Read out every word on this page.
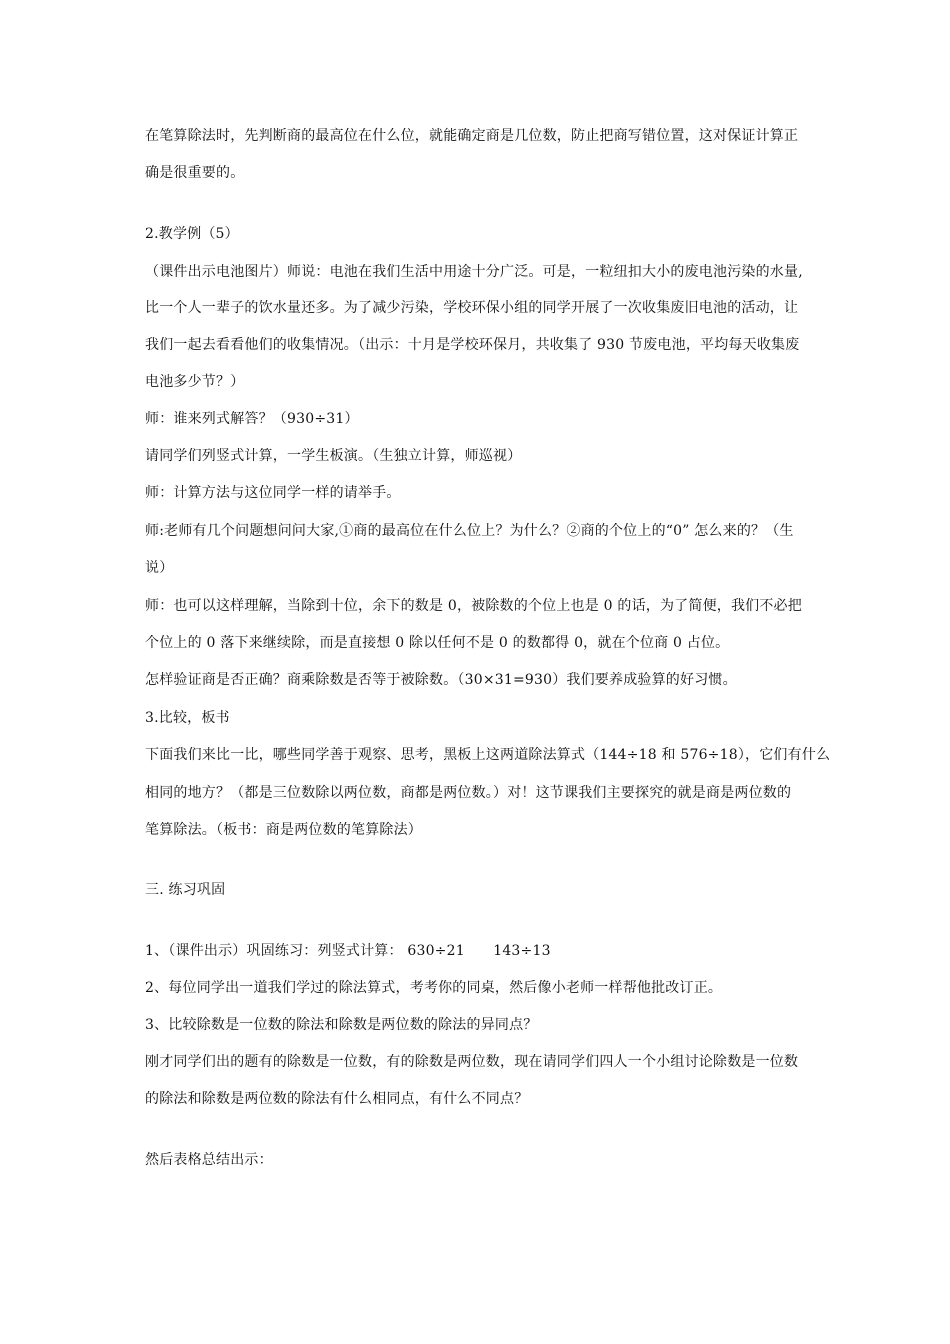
在笔算除法时，先判断商的最高位在什么位，就能确定商是几位数，防止把商写错位置，这对保证计算正
确是很重要的。
2.教学例（5）
（课件出示电池图片）师说：电池在我们生活中用途十分广泛。可是，一粒纽扣大小的废电池污染的水量,
比一个人一辈子的饮水量还多。为了减少污染，学校环保小组的同学开展了一次收集废旧电池的活动，让
我们一起去看看他们的收集情况。（出示：十月是学校环保月，共收集了 930 节废电池，平均每天收集废
电池多少节？）
师：谁来列式解答？（930÷31）
请同学们列竖式计算，一学生板演。（生独立计算，师巡视）
师：计算方法与这位同学一样的请举手。
师:老师有几个问题想问问大家,①商的最高位在什么位上？为什么？②商的个位上的“0” 怎么来的？（生
说）
师：也可以这样理解，当除到十位，余下的数是 0，被除数的个位上也是 0 的话，为了简便，我们不必把
个位上的 0 落下来继续除，而是直接想 0 除以任何不是 0 的数都得 0，就在个位商 0 占位。
怎样验证商是否正确？商乘除数是否等于被除数。（30×31=930）我们要养成验算的好习惯。
3.比较，板书
下面我们来比一比，哪些同学善于观察、思考，黑板上这两道除法算式（144÷18 和 576÷18），它们有什么
相同的地方？（都是三位数除以两位数，商都是两位数。）对！这节课我们主要探究的就是商是两位数的
笔算除法。（板书：商是两位数的笔算除法）
三. 练习巩固
1、（课件出示）巩固练习：列竖式计算： 630÷21　　143÷13
2、每位同学出一道我们学过的除法算式，考考你的同桌，然后像小老师一样帮他批改订正。
3、比较除数是一位数的除法和除数是两位数的除法的异同点？
刚才同学们出的题有的除数是一位数，有的除数是两位数，现在请同学们四人一个小组讨论除数是一位数
的除法和除数是两位数的除法有什么相同点，有什么不同点？
然后表格总结出示：
